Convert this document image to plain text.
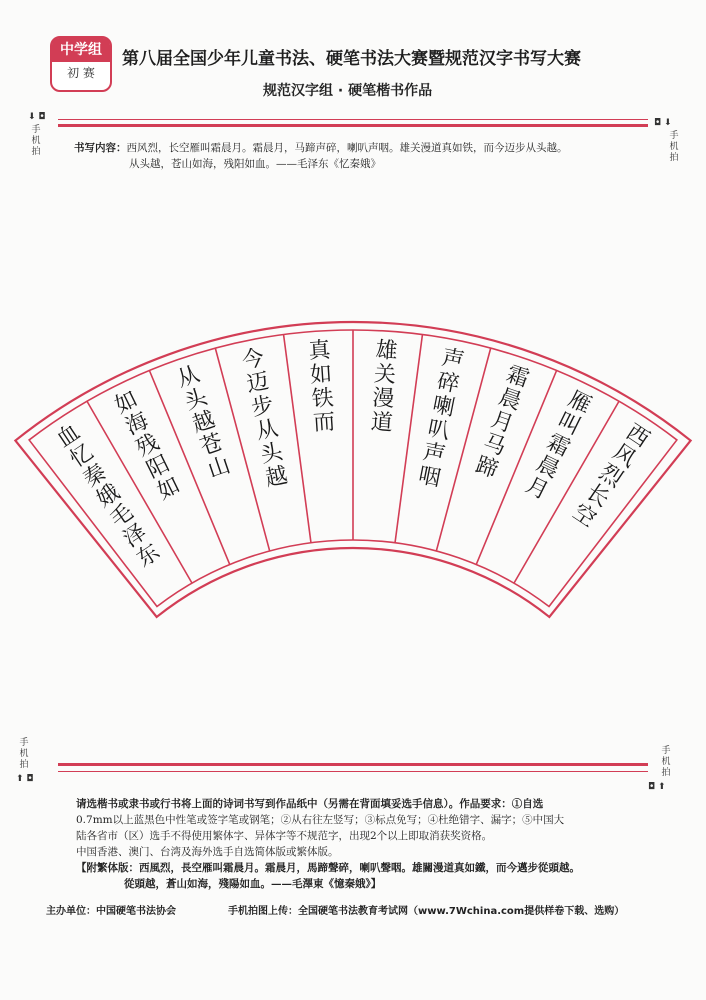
中学组
初 赛
第八届全国少年儿童书法、硬笔书法大赛暨规范汉字书写大赛
规范汉字组 · 硬笔楷书作品
⬇ ◘
手机拍
◘ ⬇
手机拍
书写内容：西风烈，长空雁叫霜晨月。霜晨月，马蹄声碎，喇叭声咽。雄关漫道真如铁，而今迈步从头越。
从头越，苍山如海，残阳如血。——毛泽东《忆秦娥》
西
风
烈
长
空
雁
叫
霜
晨
月
霜
晨
月
马
蹄
声
碎
喇
叭
声
咽
雄
关
漫
道
真
如
铁
而
今
迈
步
从
头
越
从
头
越
苍
山
如
海
残
阳
如
血
忆
秦
娥
毛
泽
东
手机拍
⬆ ◘
手机拍
◘ ⬆
请选楷书或隶书或行书将上面的诗词书写到作品纸中（另需在背面填妥选手信息）。作品要求：①自选
0.7mm以上蓝黑色中性笔或签字笔或钢笔；②从右往左竖写；③标点免写；④杜绝错字、漏字；⑤中国大
陆各省市（区）选手不得使用繁体字、异体字等不规范字，出现2个以上即取消获奖资格。
中国香港、澳门、台湾及海外选手自选简体版或繁体版。
【附繁体版：西風烈，長空雁叫霜晨月。霜晨月，馬蹄聲碎，喇叭聲咽。雄關漫道真如鐵，而今邁步從頭越。
從頭越，蒼山如海，殘陽如血。——毛澤東《憶秦娥》】
主办单位：中国硬笔书法协会	手机拍图上传：全国硬笔书法教育考试网（www.7Wchina.com提供样卷下载、选购）
